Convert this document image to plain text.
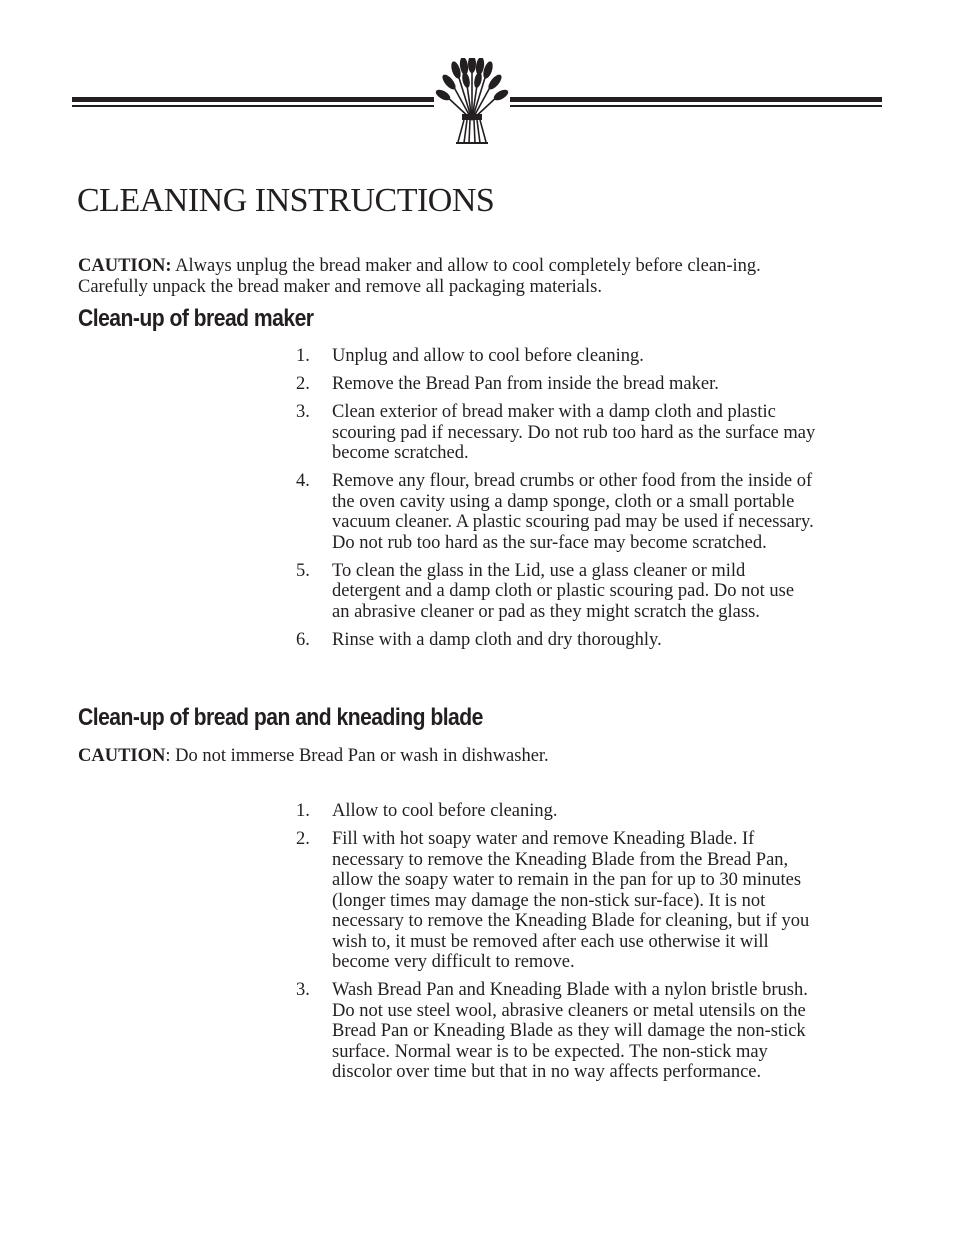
CLEANING INSTRUCTIONS

CAUTION: Always unplug the bread maker and allow to cool completely before clean-ing. Carefully unpack the bread maker and remove all packaging materials.

Clean-up of bread maker
1.	Unplug and allow to cool before cleaning.
2.	Remove the Bread Pan from inside the bread maker.
3.	Clean exterior of bread maker with a damp cloth and plastic scouring pad if necessary. Do not rub too hard as the surface may become scratched.
4.	Remove any flour, bread crumbs or other food from the inside of the oven cavity using a damp sponge, cloth or a small portable vacuum cleaner. A plastic scouring pad may be used if necessary. Do not rub too hard as the sur-face may become scratched.
5.	To clean the glass in the Lid, use a glass cleaner or mild detergent and a damp cloth or plastic scouring pad. Do not use an abrasive cleaner or pad as they might scratch the glass.
6.	Rinse with a damp cloth and dry thoroughly.
Clean-up of bread pan and kneading blade

CAUTION: Do not immerse Bread Pan or wash in dishwasher.

1.	Allow to cool before cleaning.
2.	Fill with hot soapy water and remove Kneading Blade. If necessary to remove the Kneading Blade from the Bread Pan, allow the soapy water to remain in the pan for up to 30 minutes (longer times may damage the non-stick sur-face). It is not necessary to remove the Kneading Blade for cleaning, but if you wish to, it must be removed after each use otherwise it will become very difficult to remove.
3.	Wash Bread Pan and Kneading Blade with a nylon bristle brush. Do not use steel wool, abrasive cleaners or metal utensils on the Bread Pan or Kneading Blade as they will damage the non-stick surface. Normal wear is to be expected. The non-stick may discolor over time but that in no way affects performance.
